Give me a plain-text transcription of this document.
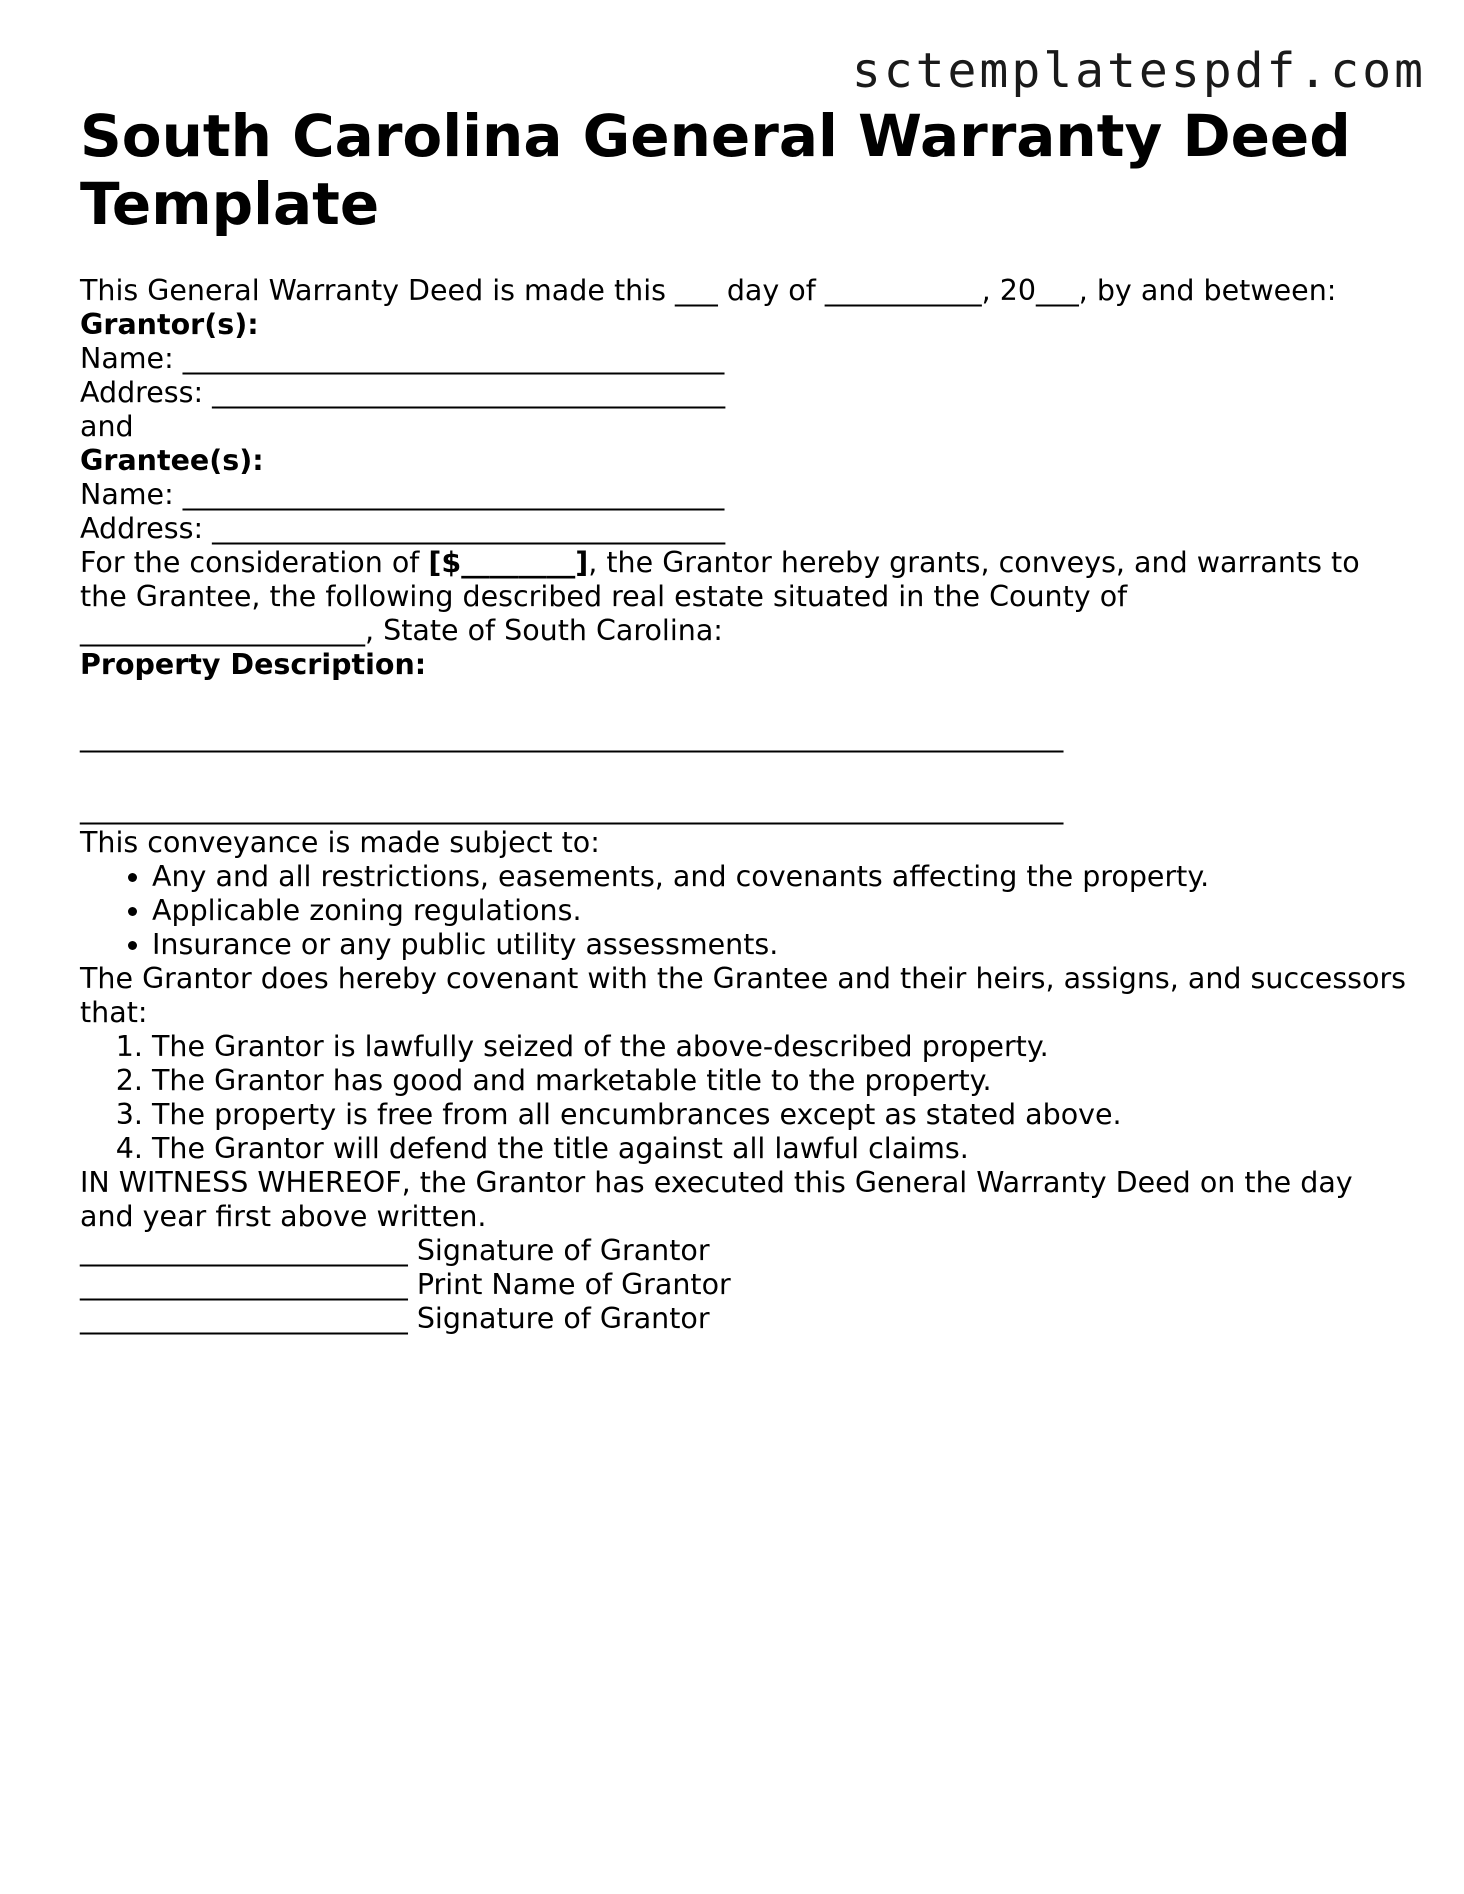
sctemplatespdf.com
South Carolina General Warranty Deed Template

This General Warranty Deed is made this ___ day of ___________, 20___, by and between:

Grantor(s):

Name: ______________________________________

Address: ____________________________________

and

Grantee(s):

Name: ______________________________________

Address: ____________________________________

For the consideration of [$________], the Grantor hereby grants, conveys, and warrants to the Grantee, the following described real estate situated in the County of ____________________, State of South Carolina:

Property Description:

_____________________________________________________________________

_____________________________________________________________________

This conveyance is made subject to:

• Any and all restrictions, easements, and covenants affecting the property.
• Applicable zoning regulations.
• Insurance or any public utility assessments.

The Grantor does hereby covenant with the Grantee and their heirs, assigns, and successors that:

1. The Grantor is lawfully seized of the above-described property.
2. The Grantor has good and marketable title to the property.
3. The property is free from all encumbrances except as stated above.
4. The Grantor will defend the title against all lawful claims.

IN WITNESS WHEREOF, the Grantor has executed this General Warranty Deed on the day and year first above written.

_______________________ Signature of Grantor

_______________________ Print Name of Grantor

_______________________ Signature of Grantor
